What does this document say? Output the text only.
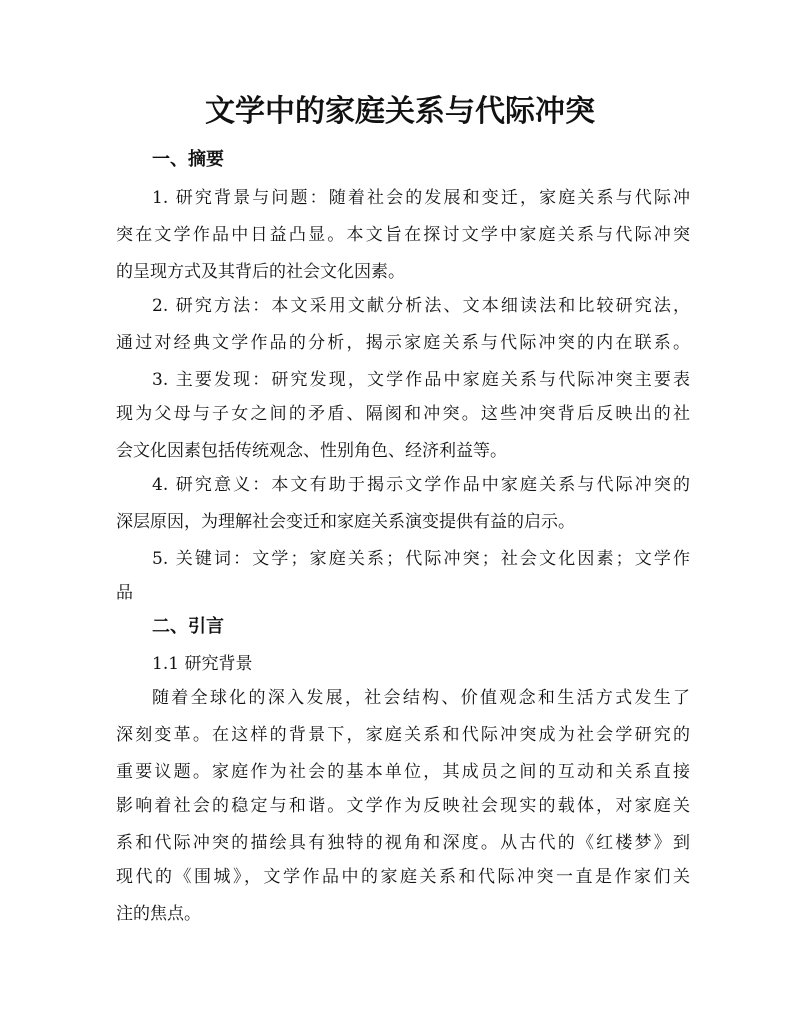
文学中的家庭关系与代际冲突

一、摘要

1. 研究背景与问题：随着社会的发展和变迁，家庭关系与代际冲

突在文学作品中日益凸显。本文旨在探讨文学中家庭关系与代际冲突

的呈现方式及其背后的社会文化因素。

2. 研究方法：本文采用文献分析法、文本细读法和比较研究法，

通过对经典文学作品的分析，揭示家庭关系与代际冲突的内在联系。

3. 主要发现：研究发现，文学作品中家庭关系与代际冲突主要表

现为父母与子女之间的矛盾、隔阂和冲突。这些冲突背后反映出的社

会文化因素包括传统观念、性别角色、经济利益等。

4. 研究意义：本文有助于揭示文学作品中家庭关系与代际冲突的

深层原因，为理解社会变迁和家庭关系演变提供有益的启示。

5. 关键词：文学；家庭关系；代际冲突；社会文化因素；文学作

品

二、引言

1.1 研究背景

随着全球化的深入发展，社会结构、价值观念和生活方式发生了

深刻变革。在这样的背景下，家庭关系和代际冲突成为社会学研究的

重要议题。家庭作为社会的基本单位，其成员之间的互动和关系直接

影响着社会的稳定与和谐。文学作为反映社会现实的载体，对家庭关

系和代际冲突的描绘具有独特的视角和深度。从古代的《红楼梦》到

现代的《围城》，文学作品中的家庭关系和代际冲突一直是作家们关

注的焦点。
